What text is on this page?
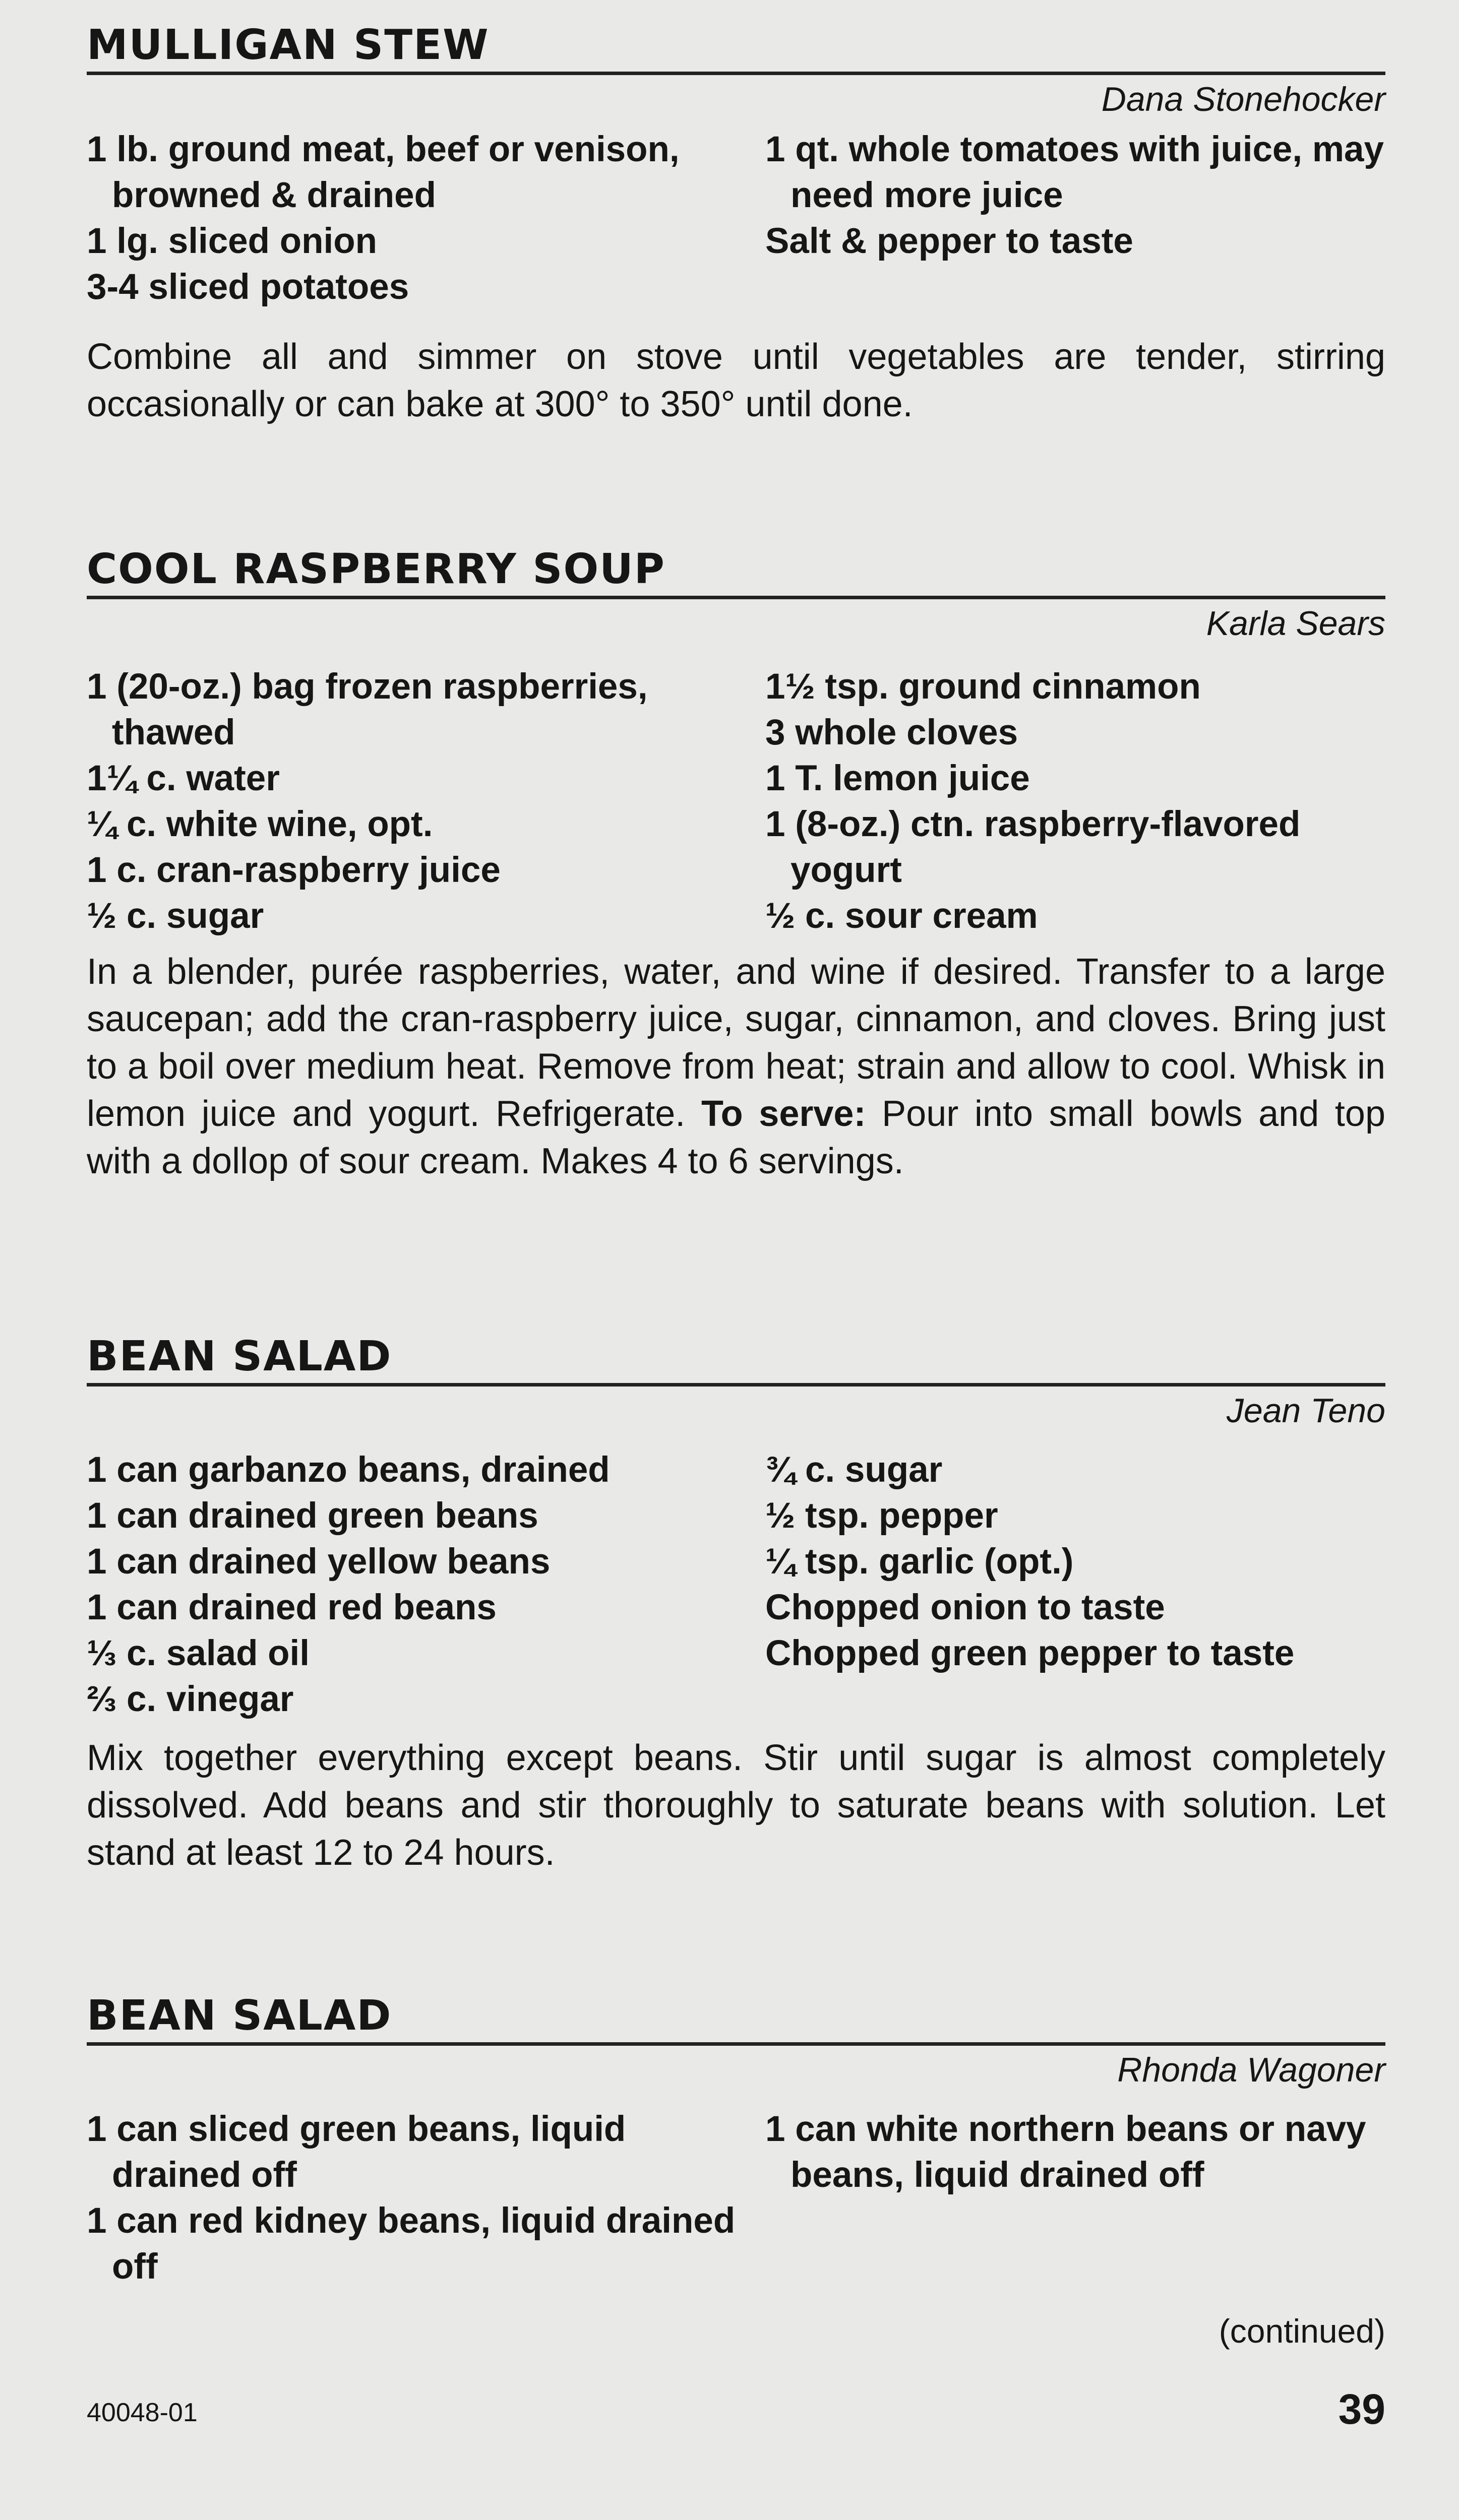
MULLIGAN STEW
Dana Stonehocker
1 lb. ground meat, beef or venison, browned & drained
1 lg. sliced onion
3-4 sliced potatoes
1 qt. whole tomatoes with juice, may need more juice
Salt & pepper to taste

Combine all and simmer on stove until vegetables are tender, stirring occasionally or can bake at 300° to 350° until done.

COOL RASPBERRY SOUP
Karla Sears
1 (20-oz.) bag frozen raspberries, thawed
1¼ c. water
¼ c. white wine, opt.
1 c. cran-raspberry juice
½ c. sugar
1½ tsp. ground cinnamon
3 whole cloves
1 T. lemon juice
1 (8-oz.) ctn. raspberry-flavored yogurt
½ c. sour cream

In a blender, purée raspberries, water, and wine if desired. Transfer to a large saucepan; add the cran-raspberry juice, sugar, cinnamon, and cloves. Bring just to a boil over medium heat. Remove from heat; strain and allow to cool. Whisk in lemon juice and yogurt. Refrigerate. To serve: Pour into small bowls and top with a dollop of sour cream. Makes 4 to 6 servings.

BEAN SALAD
Jean Teno
1 can garbanzo beans, drained
1 can drained green beans
1 can drained yellow beans
1 can drained red beans
⅓ c. salad oil
⅔ c. vinegar
¾ c. sugar
½ tsp. pepper
¼ tsp. garlic (opt.)
Chopped onion to taste
Chopped green pepper to taste

Mix together everything except beans. Stir until sugar is almost completely dissolved. Add beans and stir thoroughly to saturate beans with solution. Let stand at least 12 to 24 hours.

BEAN SALAD
Rhonda Wagoner
1 can sliced green beans, liquid drained off
1 can red kidney beans, liquid drained off
1 can white northern beans or navy beans, liquid drained off
(continued)
40048-01	39
